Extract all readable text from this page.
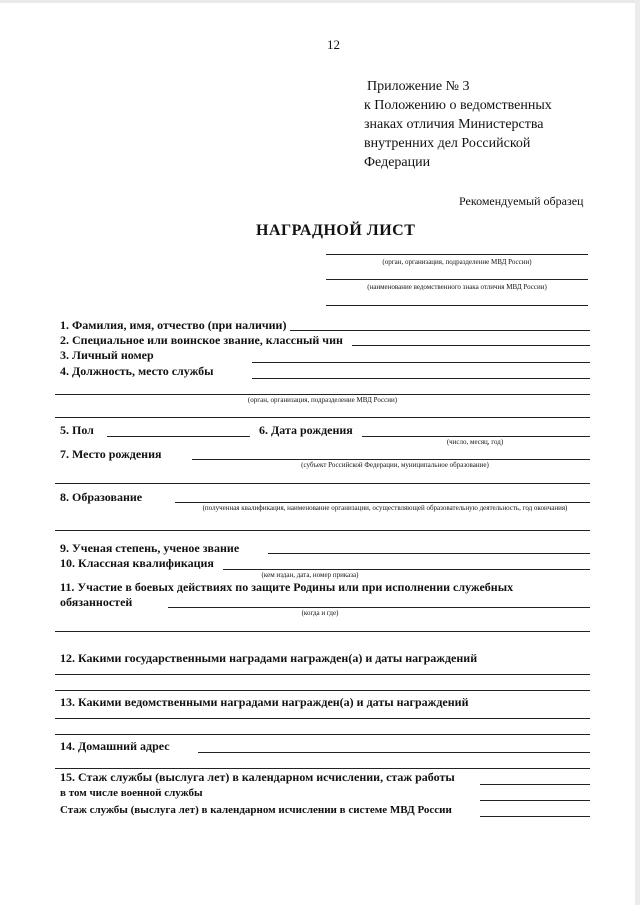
12
Приложение № 3
к Положению о ведомственных
знаках отличия Министерства
внутренних дел Российской
Федерации
Рекомендуемый образец
НАГРАДНОЙ ЛИСТ
(орган, организация, подразделение МВД России)
(наименование ведомственного знака отличия МВД России)
1. Фамилия, имя, отчество (при наличии)
2. Специальное или воинское звание, классный чин
3. Личный номер
4. Должность, место службы
(орган, организация, подразделение МВД России)
5. Пол	6. Дата рождения
(число, месяц, год)
7. Место рождения
(субъект Российской Федерации, муниципальное образование)
8. Образование
(полученная квалификация, наименование организации, осуществляющей образовательную деятельность, год окончания)
9. Ученая степень, ученое звание
10. Классная квалификация
(кем издан, дата, номер приказа)
11. Участие в боевых действиях по защите Родины или при исполнении служебных
обязанностей
(когда и где)
12. Какими государственными наградами награжден(а) и даты награждений
13. Какими ведомственными наградами награжден(а) и даты награждений
14. Домашний адрес
15. Стаж службы (выслуга лет) в календарном исчислении, стаж работы
в том числе военной службы
Стаж службы (выслуга лет) в календарном исчислении в системе МВД России
